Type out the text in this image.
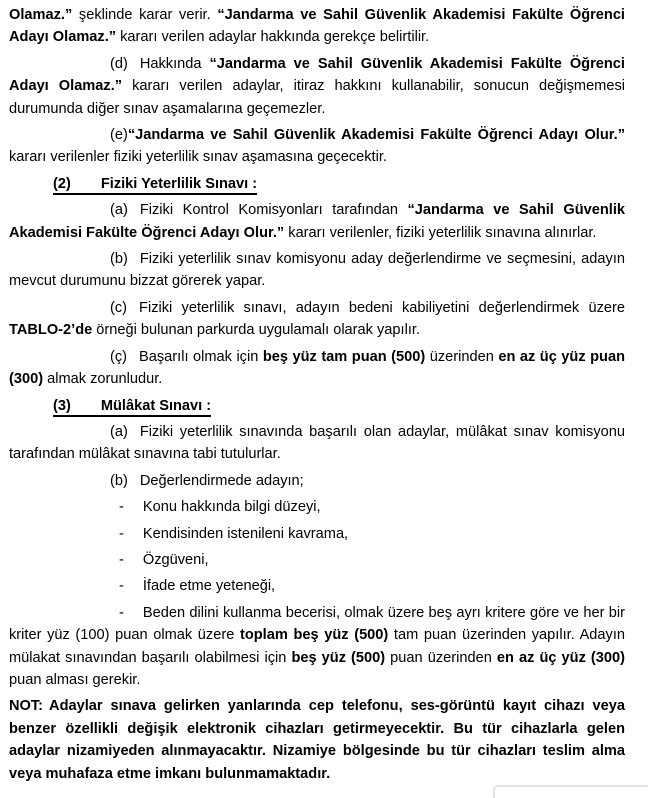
Olamaz.” şeklinde karar verir. “Jandarma ve Sahil Güvenlik Akademisi Fakülte Öğrenci Adayı Olamaz.” kararı verilen adaylar hakkında gerekçe belirtilir.

(d) Hakkında “Jandarma ve Sahil Güvenlik Akademisi Fakülte Öğrenci Adayı Olamaz.” kararı verilen adaylar, itiraz hakkını kullanabilir, sonucun değişmemesi durumunda diğer sınav aşamalarına geçemezler.

(e)“Jandarma ve Sahil Güvenlik Akademisi Fakülte Öğrenci Adayı Olur.” kararı verilenler fiziki yeterlilik sınav aşamasına geçecektir.

(2) Fiziki Yeterlilik Sınavı :

(a) Fiziki Kontrol Komisyonları tarafından “Jandarma ve Sahil Güvenlik Akademisi Fakülte Öğrenci Adayı Olur.” kararı verilenler, fiziki yeterlilik sınavına alınırlar.

(b) Fiziki yeterlilik sınav komisyonu aday değerlendirme ve seçmesini, adayın mevcut durumunu bizzat görerek yapar.

(c) Fiziki yeterlilik sınavı, adayın bedeni kabiliyetini değerlendirmek üzere TABLO-2’de örneği bulunan parkurda uygulamalı olarak yapılır.

(ç) Başarılı olmak için beş yüz tam puan (500) üzerinden en az üç yüz puan (300) almak zorunludur.

(3) Mülâkat Sınavı :

(a) Fiziki yeterlilik sınavında başarılı olan adaylar, mülâkat sınav komisyonu tarafından mülâkat sınavına tabi tutulurlar.

(b) Değerlendirmede adayın;

- Konu hakkında bilgi düzeyi,

- Kendisinden istenileni kavrama,

- Özgüveni,

- İfade etme yeteneği,

- Beden dilini kullanma becerisi, olmak üzere beş ayrı kritere göre ve her bir kriter yüz (100) puan olmak üzere toplam beş yüz (500) tam puan üzerinden yapılır. Adayın mülakat sınavından başarılı olabilmesi için beş yüz (500) puan üzerinden en az üç yüz (300) puan alması gerekir.

NOT: Adaylar sınava gelirken yanlarında cep telefonu, ses-görüntü kayıt cihazı veya benzer özellikli değişik elektronik cihazları getirmeyecektir. Bu tür cihazlarla gelen adaylar nizamiyeden alınmayacaktır. Nizamiye bölgesinde bu tür cihazları teslim alma veya muhafaza etme imkanı bulunmamaktadır.
